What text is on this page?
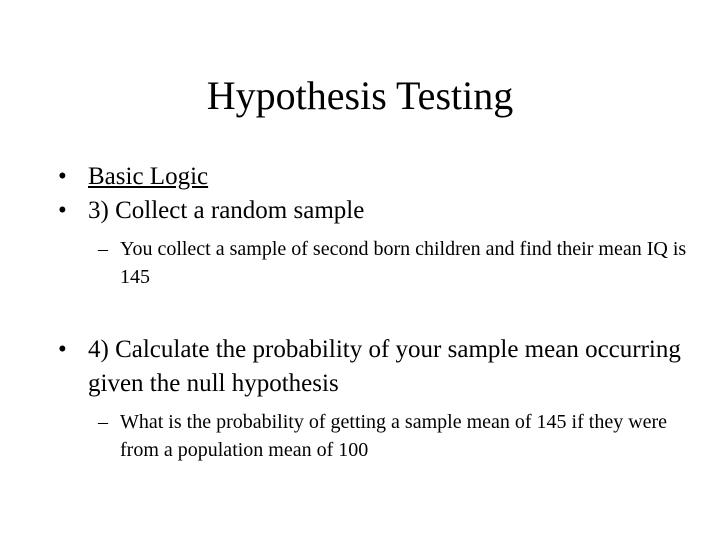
Hypothesis Testing
• Basic Logic
• 3) Collect a random sample
– You collect a sample of second born children and find their mean IQ is 145
• 4) Calculate the probability of your sample mean occurring given the null hypothesis
– What is the probability of getting a sample mean of 145 if they were from a population mean of 100
